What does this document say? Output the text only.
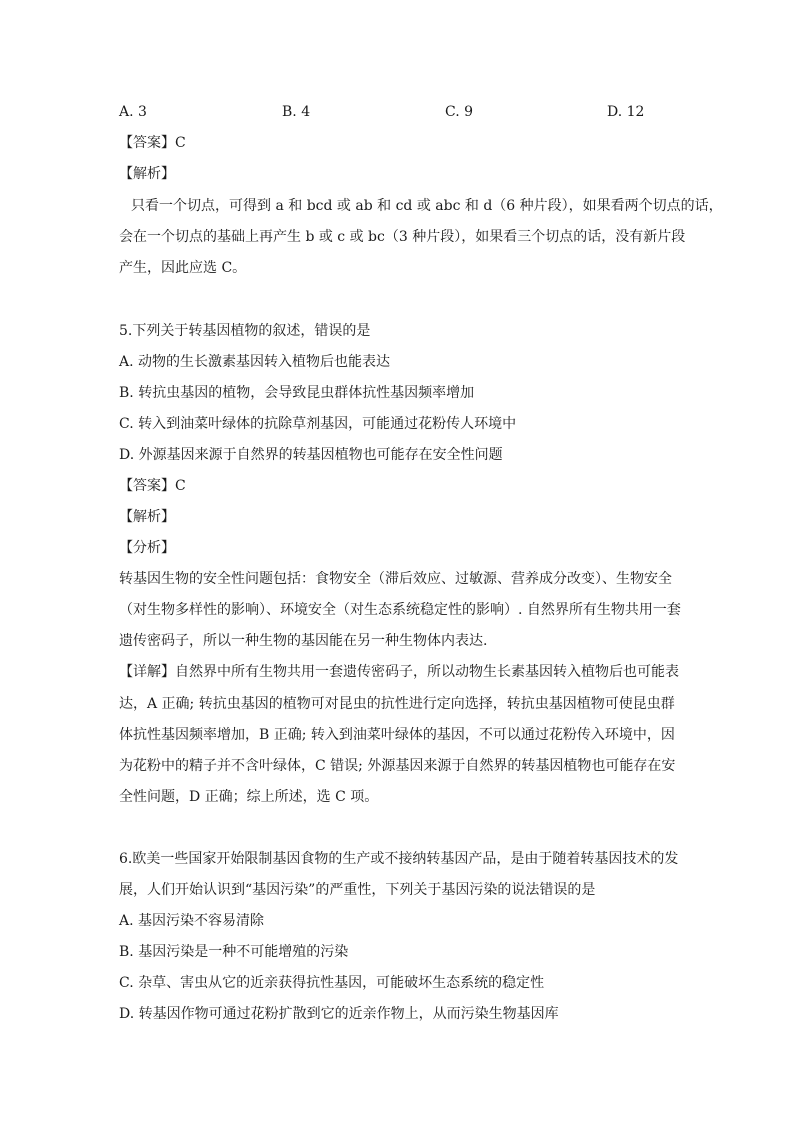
A. 3	B. 4	C. 9	D. 12
【答案】C
【解析】
只看一个切点，可得到 a 和 bcd 或 ab 和 cd 或 abc 和 d（6 种片段），如果看两个切点的话，
会在一个切点的基础上再产生 b 或 c 或 bc（3 种片段），如果看三个切点的话，没有新片段
产生，因此应选 C。
5.下列关于转基因植物的叙述，错误的是
A. 动物的生长激素基因转入植物后也能表达
B. 转抗虫基因的植物，会导致昆虫群体抗性基因频率增加
C. 转入到油菜叶绿体的抗除草剂基因，可能通过花粉传人环境中
D. 外源基因来源于自然界的转基因植物也可能存在安全性问题
【答案】C
【解析】
【分析】
转基因生物的安全性问题包括：食物安全（滞后效应、过敏源、营养成分改变）、生物安全
（对生物多样性的影响）、环境安全（对生态系统稳定性的影响）. 自然界所有生物共用一套
遗传密码子，所以一种生物的基因能在另一种生物体内表达.
【详解】自然界中所有生物共用一套遗传密码子，所以动物生长素基因转入植物后也可能表
达，A 正确; 转抗虫基因的植物可对昆虫的抗性进行定向选择，转抗虫基因植物可使昆虫群
体抗性基因频率增加，B 正确; 转入到油菜叶绿体的基因，不可以通过花粉传入环境中，因
为花粉中的精子并不含叶绿体，C 错误; 外源基因来源于自然界的转基因植物也可能存在安
全性问题，D 正确；综上所述，选 C 项。
6.欧美一些国家开始限制基因食物的生产或不接纳转基因产品，是由于随着转基因技术的发
展，人们开始认识到“基因污染”的严重性，下列关于基因污染的说法错误的是
A. 基因污染不容易清除
B. 基因污染是一种不可能增殖的污染
C. 杂草、害虫从它的近亲获得抗性基因，可能破坏生态系统的稳定性
D. 转基因作物可通过花粉扩散到它的近亲作物上，从而污染生物基因库
